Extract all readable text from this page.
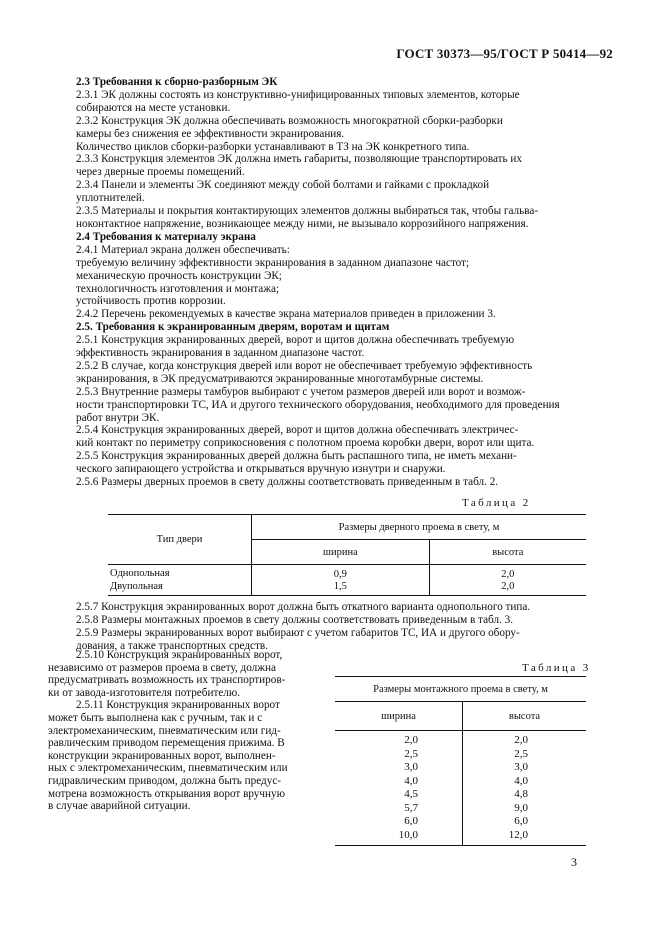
ГОСТ 30373—95/ГОСТ Р 50414—92

2.3 Требования к сборно-разборным ЭК

2.3.1 ЭК должны состоять из конструктивно-унифицированных типовых элементов, которые

собираются на месте установки.

2.3.2 Конструкция ЭК должна обеспечивать возможность многократной сборки-разборки

камеры без снижения ее эффективности экранирования.

Количество циклов сборки-разборки устанавливают в ТЗ на ЭК конкретного типа.

2.3.3 Конструкция элементов ЭК должна иметь габариты, позволяющие транспортировать их

через дверные проемы помещений.

2.3.4 Панели и элементы ЭК соединяют между собой болтами и гайками с прокладкой

уплотнителей.

2.3.5 Материалы и покрытия контактирующих элементов должны выбираться так, чтобы гальва-

ноконтактное напряжение, возникающее между ними, не вызывало коррозийного напряжения.

2.4 Требования к материалу экрана

2.4.1 Материал экрана должен обеспечивать:

требуемую величину эффективности экранирования в заданном диапазоне частот;

механическую прочность конструкции ЭК;

технологичность изготовления и монтажа;

устойчивость против коррозии.

2.4.2 Перечень рекомендуемых в качестве экрана материалов приведен в приложении 3.

2.5. Требования к экранированным дверям, воротам и щитам

2.5.1 Конструкция экранированных дверей, ворот и щитов должна обеспечивать требуемую

эффективность экранирования в заданном диапазоне частот.

2.5.2 В случае, когда конструкция дверей или ворот не обеспечивает требуемую эффективность

экранирования, в ЭК предусматриваются экранированные многотамбурные системы.

2.5.3 Внутренние размеры тамбуров выбирают с учетом размеров дверей или ворот и возмож-

ности транспортировки ТС, ИА и другого технического оборудования, необходимого для проведения

работ внутри ЭК.

2.5.4 Конструкция экранированных дверей, ворот и щитов должна обеспечивать электричес-

кий контакт по периметру соприкосновения с полотном проема коробки двери, ворот или щита.

2.5.5 Конструкция экранированных дверей должна быть распашного типа, не иметь механи-

ческого запирающего устройства и открываться вручную изнутри и снаружи.

2.5.6 Размеры дверных проемов в свету должны соответствовать приведенным в табл. 2.

Таблица 2
Тип двери	Размеры дверного проема в свету, м	
	ширина	высота
Однопольная	0,9	2,0
Двупольная	1,5	2,0

2.5.7 Конструкция экранированных ворот должна быть откатного варианта однопольного типа.

2.5.8 Размеры монтажных проемов в свету должны соответствовать приведенным в табл. 3.

2.5.9 Размеры экранированных ворот выбирают с учетом габаритов ТС, ИА и другого обору-

дования, а также транспортных средств.

2.5.10 Конструкция экранированных ворот,

независимо от размеров проема в свету, должна

предусматривать возможность их транспортиров-

ки от завода-изготовителя потребителю.

2.5.11 Конструкция экранированных ворот

может быть выполнена как с ручным, так и с

электромеханическим, пневматическим или гид-

равлическим приводом перемещения прижима. В

конструкции экранированных ворот, выполнен-

ных с электромеханическим, пневматическим или

гидравлическим приводом, должна быть предус-

мотрена возможность открывания ворот вручную

в случае аварийной ситуации.

Таблица 3
Размеры монтажного проема в свету, м	
ширина	высота
2,0	2,0
2,5	2,5
3,0	3,0
4,0	4,0
4,5	4,8
5,7	9,0
6,0	6,0
10,0	12,0
3
